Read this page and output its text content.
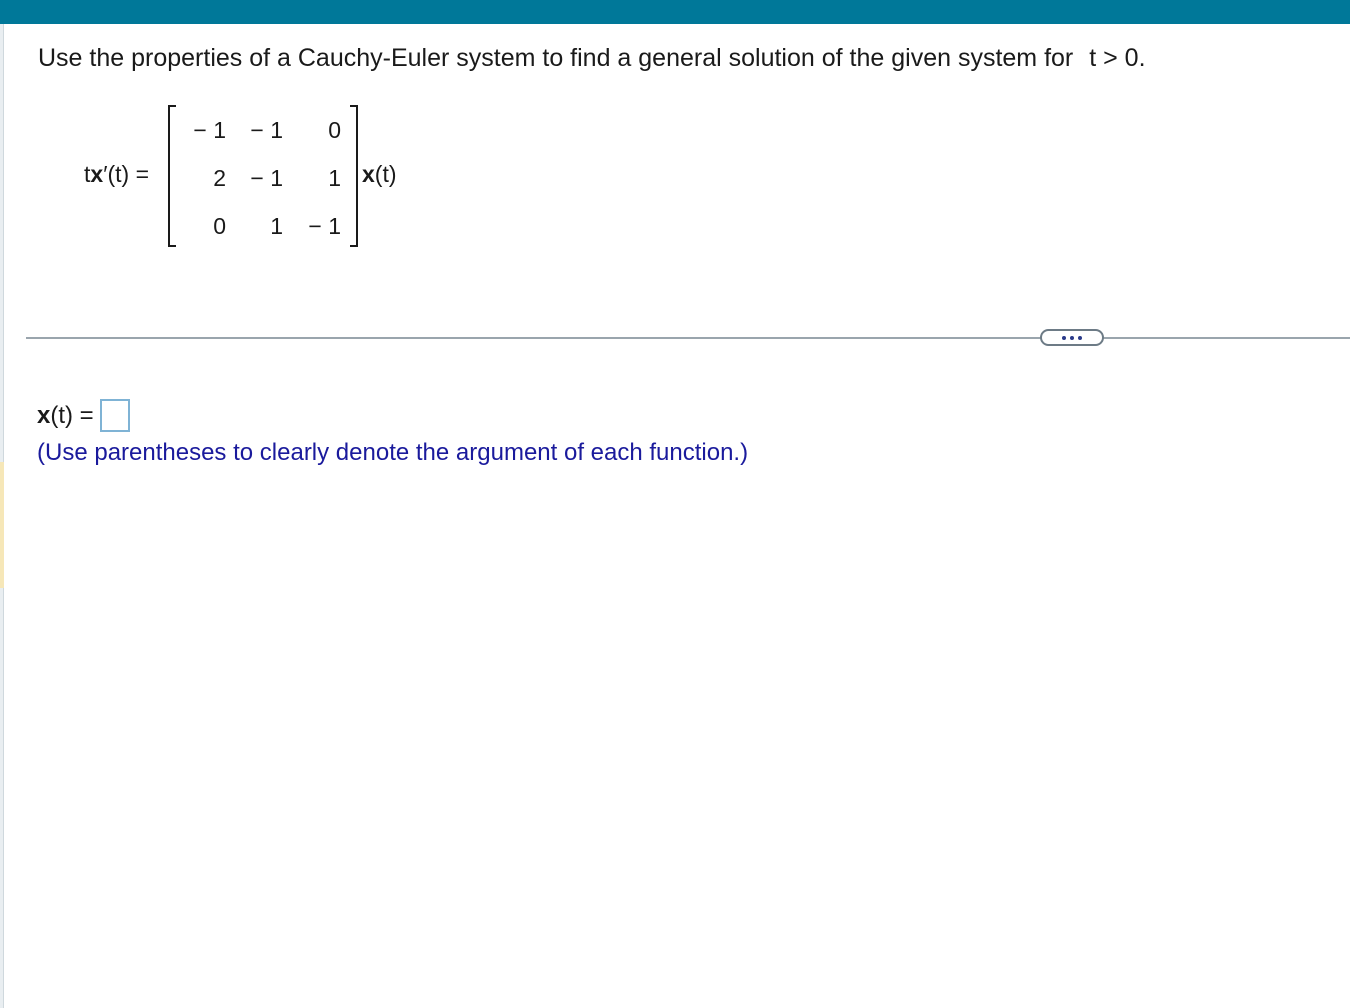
Use the properties of a Cauchy-Euler system to find a general solution of the given system for t > 0.
tx′(t) =
− 1	− 1	0
2	− 1	1
0	1	− 1
x(t)
x (t) =
(Use parentheses to clearly denote the argument of each function.)
